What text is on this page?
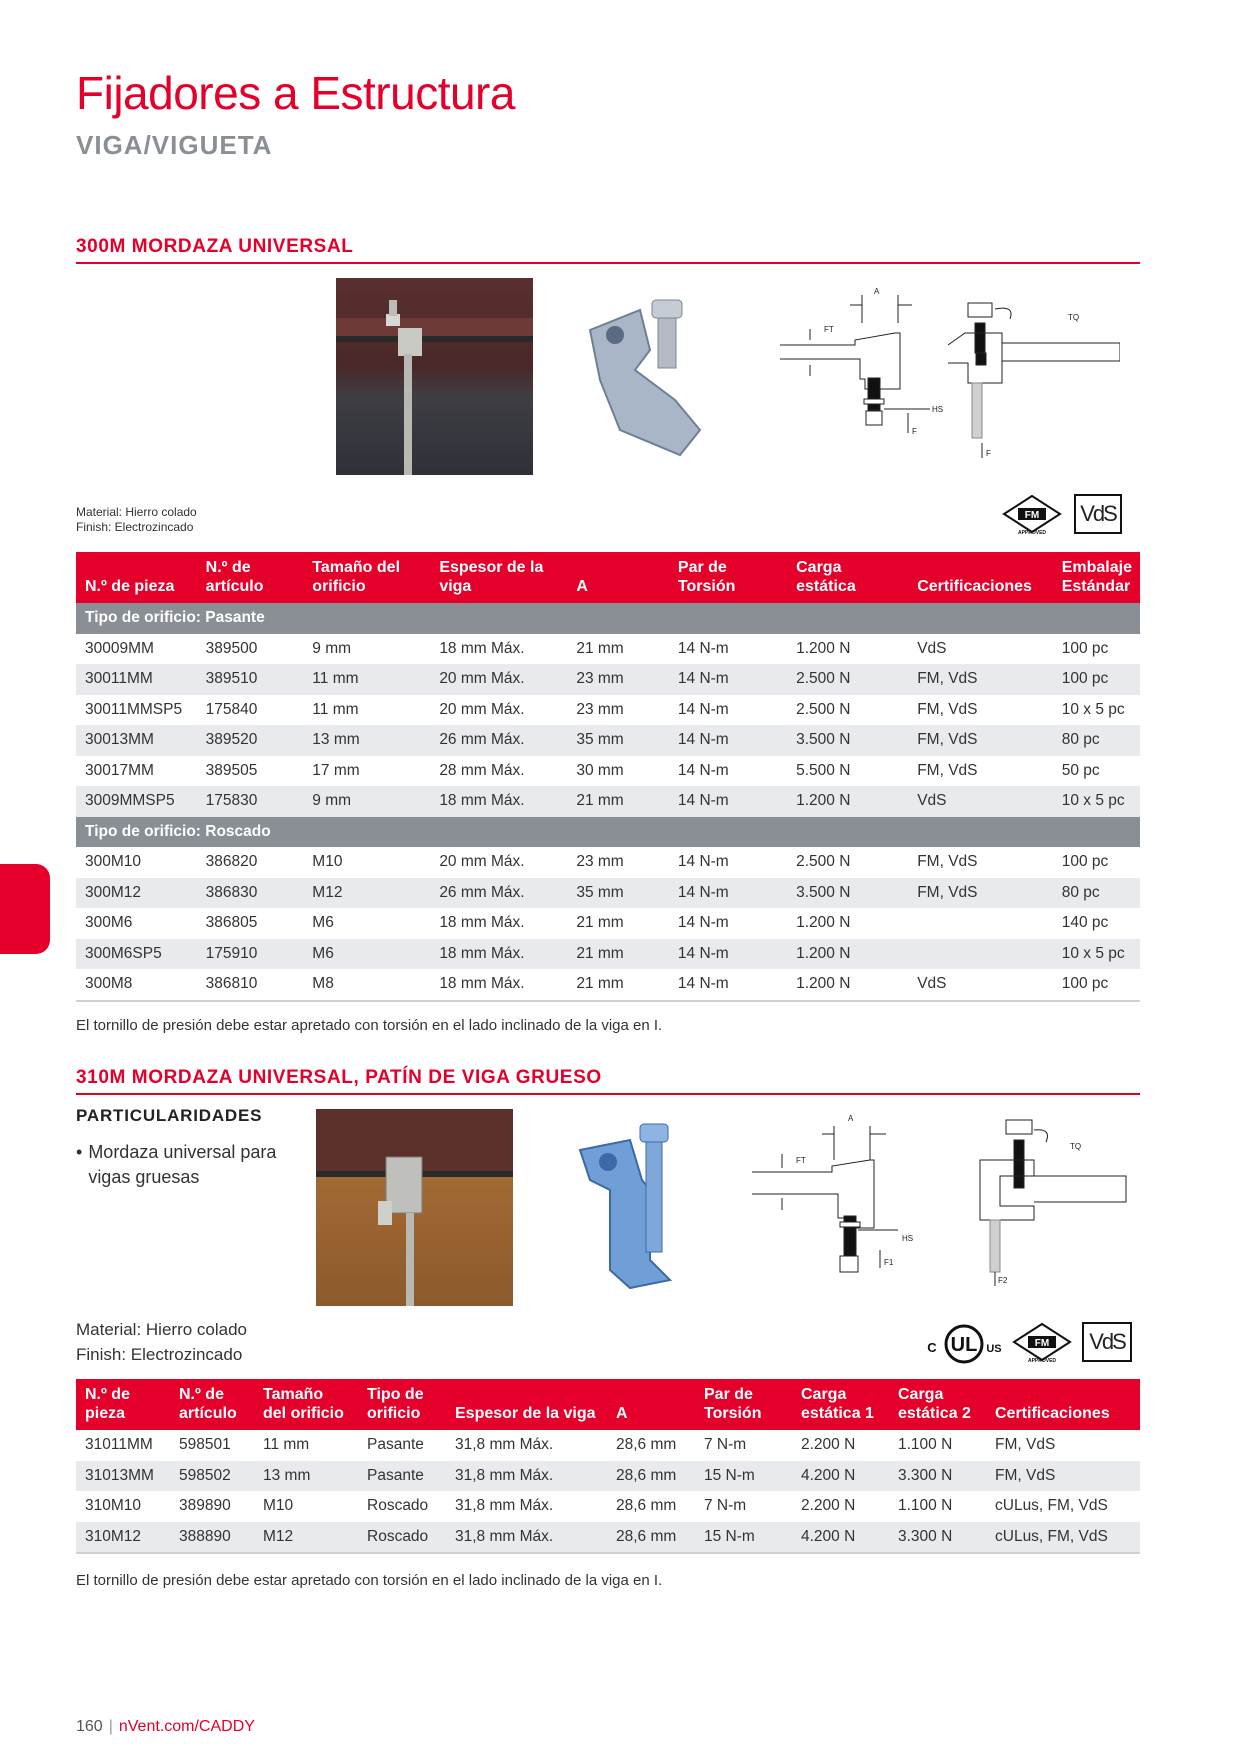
Fijadores a Estructura
VIGA/VIGUETA
300M MORDAZA UNIVERSAL
A
FT
HS
F
F
TQ
Material: Hierro colado
Finish: Electrozincado
FM
APPROVED
VdS
N.º de pieza	N.º de artículo	Tamaño del orificio	Espesor de la viga	A	Par de Torsión	Carga estática	Certificaciones	Embalaje Estándar
Tipo de orificio: Pasante								
30009MM	389500	9 mm	18 mm Máx.	21 mm	14 N-m	1.200 N	VdS	100 pc
30011MM	389510	11 mm	20 mm Máx.	23 mm	14 N-m	2.500 N	FM, VdS	100 pc
30011MMSP5	175840	11 mm	20 mm Máx.	23 mm	14 N-m	2.500 N	FM, VdS	10 x 5 pc
30013MM	389520	13 mm	26 mm Máx.	35 mm	14 N-m	3.500 N	FM, VdS	80 pc
30017MM	389505	17 mm	28 mm Máx.	30 mm	14 N-m	5.500 N	FM, VdS	50 pc
3009MMSP5	175830	9 mm	18 mm Máx.	21 mm	14 N-m	1.200 N	VdS	10 x 5 pc
Tipo de orificio: Roscado								
300M10	386820	M10	20 mm Máx.	23 mm	14 N-m	2.500 N	FM, VdS	100 pc
300M12	386830	M12	26 mm Máx.	35 mm	14 N-m	3.500 N	FM, VdS	80 pc
300M6	386805	M6	18 mm Máx.	21 mm	14 N-m	1.200 N		140 pc
300M6SP5	175910	M6	18 mm Máx.	21 mm	14 N-m	1.200 N		10 x 5 pc
300M8	386810	M8	18 mm Máx.	21 mm	14 N-m	1.200 N	VdS	100 pc
El tornillo de presión debe estar apretado con torsión en el lado inclinado de la viga en I.
310M MORDAZA UNIVERSAL, PATÍN DE VIGA GRUESO
PARTICULARIDADES
• Mordaza universal para vigas gruesas
A
FT
HS
F1
F2
TQ
Material: Hierro colado
Finish: Electrozincado	UL
C	US	FM
APPROVED
VdS
N.º de pieza	N.º de artículo	Tamaño del orificio	Tipo de orificio	Espesor de la viga	A	Par de Torsión	Carga estática 1	Carga estática 2	Certificaciones
31011MM	598501	11 mm	Pasante	31,8 mm Máx.	28,6 mm	7 N-m	2.200 N	1.100 N	FM, VdS
31013MM	598502	13 mm	Pasante	31,8 mm Máx.	28,6 mm	15 N-m	4.200 N	3.300 N	FM, VdS
310M10	389890	M10	Roscado	31,8 mm Máx.	28,6 mm	7 N-m	2.200 N	1.100 N	cULus, FM, VdS
310M12	388890	M12	Roscado	31,8 mm Máx.	28,6 mm	15 N-m	4.200 N	3.300 N	cULus, FM, VdS
El tornillo de presión debe estar apretado con torsión en el lado inclinado de la viga en I.
160 | nVent.com/CADDY
